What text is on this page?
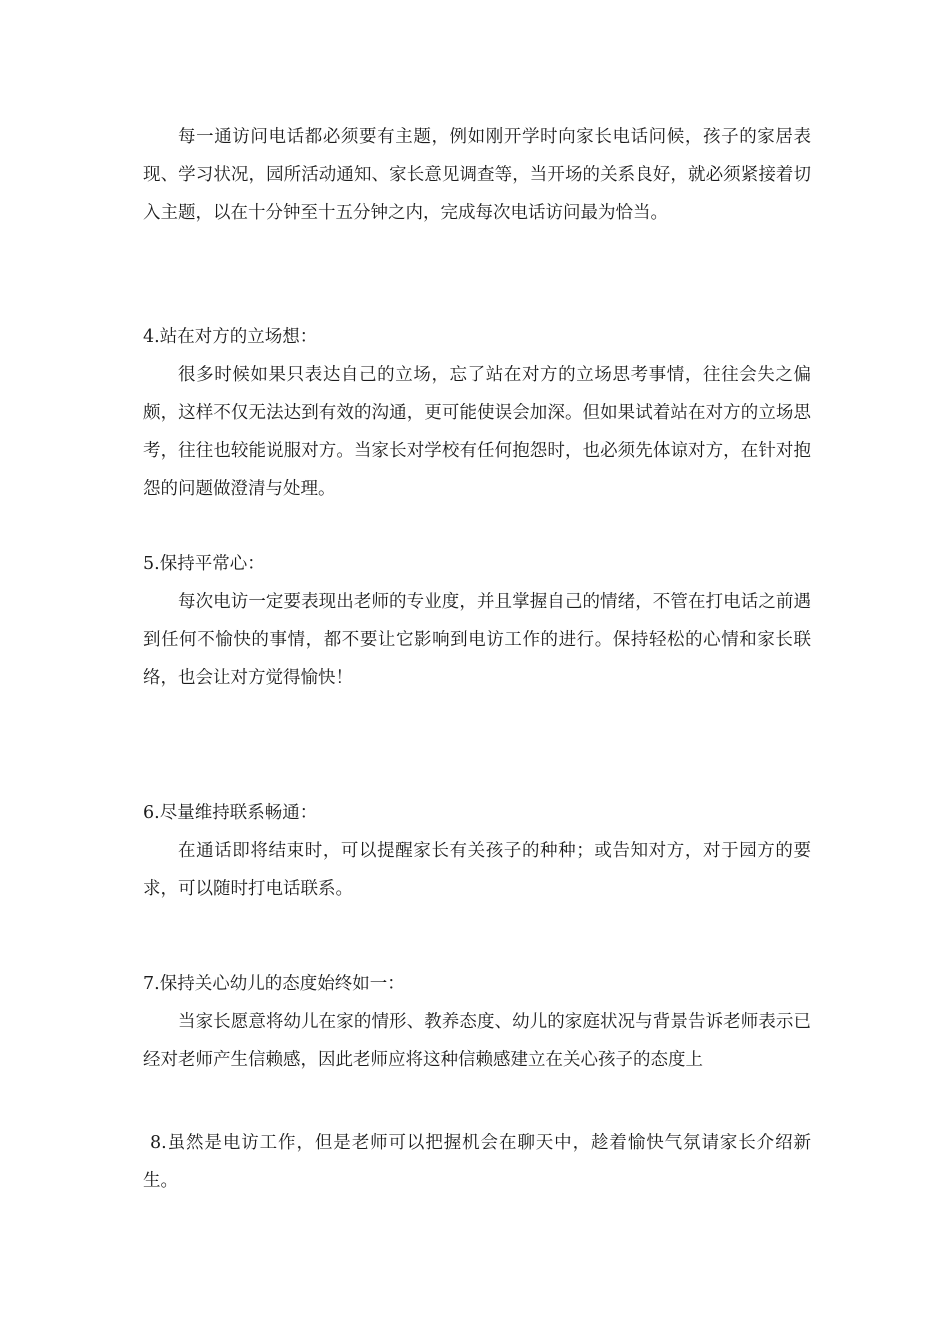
每一通访问电话都必须要有主题，例如刚开学时向家长电话问候，孩子的家居表现、学习状况，园所活动通知、家长意见调查等，当开场的关系良好，就必须紧接着切入主题，以在十分钟至十五分钟之内，完成每次电话访问最为恰当。

4.站在对方的立场想：

很多时候如果只表达自己的立场，忘了站在对方的立场思考事情，往往会失之偏颇，这样不仅无法达到有效的沟通，更可能使误会加深。但如果试着站在对方的立场思考，往往也较能说服对方。当家长对学校有任何抱怨时，也必须先体谅对方，在针对抱怨的问题做澄清与处理。

5.保持平常心：

每次电访一定要表现出老师的专业度，并且掌握自己的情绪，不管在打电话之前遇到任何不愉快的事情，都不要让它影响到电访工作的进行。保持轻松的心情和家长联络，也会让对方觉得愉快！

6.尽量维持联系畅通：

在通话即将结束时，可以提醒家长有关孩子的种种；或告知对方，对于园方的要求，可以随时打电话联系。

7.保持关心幼儿的态度始终如一：

当家长愿意将幼儿在家的情形、教养态度、幼儿的家庭状况与背景告诉老师表示已经对老师产生信赖感，因此老师应将这种信赖感建立在关心孩子的态度上

8.虽然是电访工作，但是老师可以把握机会在聊天中，趁着愉快气氛请家长介绍新生。
